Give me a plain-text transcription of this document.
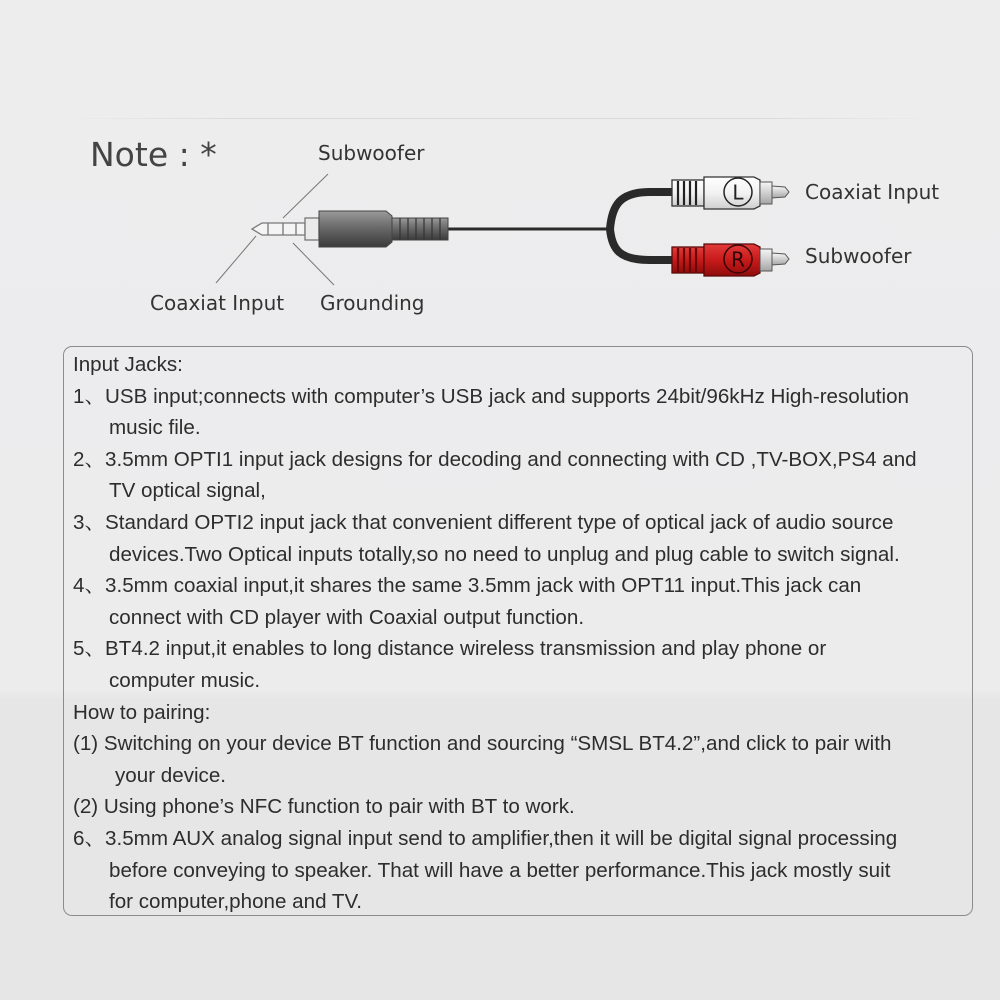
Note : *	Subwoofer
Coaxiat Input Grounding
L
R
Coaxiat Input
Subwoofer
Input Jacks:
1、USB input;connects with computer’s USB jack and supports 24bit/96kHz High-resolution
music file.
2、3.5mm OPTI1 input jack designs for decoding and connecting with CD ,TV-BOX,PS4 and
TV optical signal,
3、Standard OPTI2 input jack that convenient different type of optical jack of audio source
devices.Two Optical inputs totally,so no need to unplug and plug cable to switch signal.
4、3.5mm coaxial input,it shares the same 3.5mm jack with OPT11 input.This jack can
connect with CD player with Coaxial output function.
5、BT4.2 input,it enables to long distance wireless transmission and play phone or
computer music.
How to pairing:
(1) Switching on your device BT function and sourcing “SMSL BT4.2”,and click to pair with
your device.
(2) Using phone’s NFC function to pair with BT to work.
6、3.5mm AUX analog signal input send to amplifier,then it will be digital signal processing
before conveying to speaker. That will have a better performance.This jack mostly suit
for computer,phone and TV.
